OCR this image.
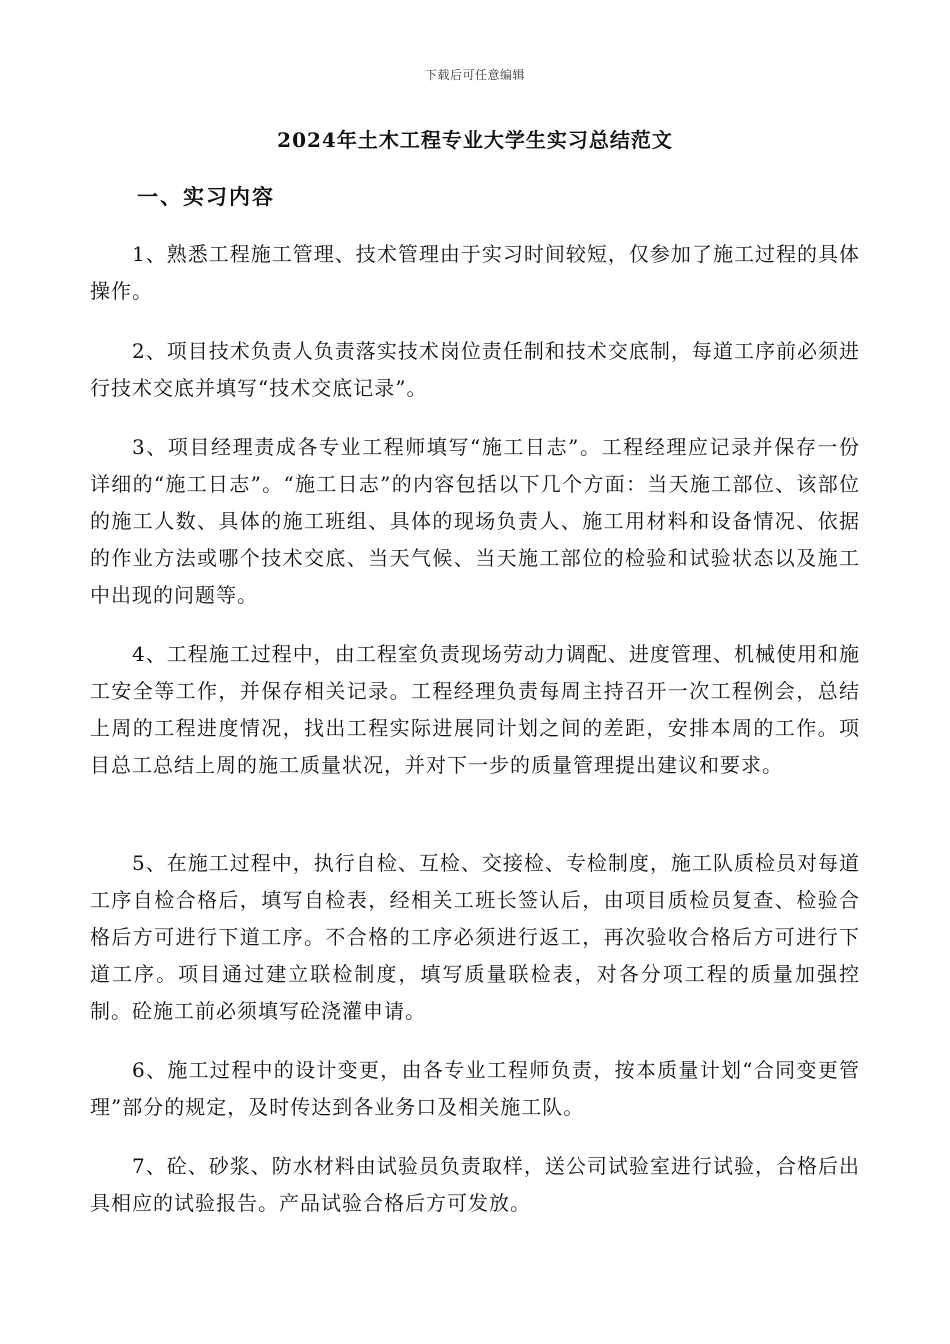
下载后可任意编辑
2024年土木工程专业大学生实习总结范文
一、实习内容

1、熟悉工程施工管理、技术管理由于实习时间较短，仅参加了施工过程的具体操作。

2、项目技术负责人负责落实技术岗位责任制和技术交底制，每道工序前必须进行技术交底并填写“技术交底记录”。

3、项目经理责成各专业工程师填写“施工日志”。工程经理应记录并保存一份详细的“施工日志”。“施工日志”的内容包括以下几个方面：当天施工部位、该部位的施工人数、具体的施工班组、具体的现场负责人、施工用材料和设备情况、依据的作业方法或哪个技术交底、当天气候、当天施工部位的检验和试验状态以及施工中出现的问题等。

4、工程施工过程中，由工程室负责现场劳动力调配、进度管理、机械使用和施工安全等工作，并保存相关记录。工程经理负责每周主持召开一次工程例会，总结上周的工程进度情况，找出工程实际进展同计划之间的差距，安排本周的工作。项目总工总结上周的施工质量状况，并对下一步的质量管理提出建议和要求。

5、在施工过程中，执行自检、互检、交接检、专检制度，施工队质检员对每道工序自检合格后，填写自检表，经相关工班长签认后，由项目质检员复查、检验合格后方可进行下道工序。不合格的工序必须进行返工，再次验收合格后方可进行下道工序。项目通过建立联检制度，填写质量联检表，对各分项工程的质量加强控制。砼施工前必须填写砼浇灌申请。

6、施工过程中的设计变更，由各专业工程师负责，按本质量计划“合同变更管理”部分的规定，及时传达到各业务口及相关施工队。

7、砼、砂浆、防水材料由试验员负责取样，送公司试验室进行试验，合格后出具相应的试验报告。产品试验合格后方可发放。
